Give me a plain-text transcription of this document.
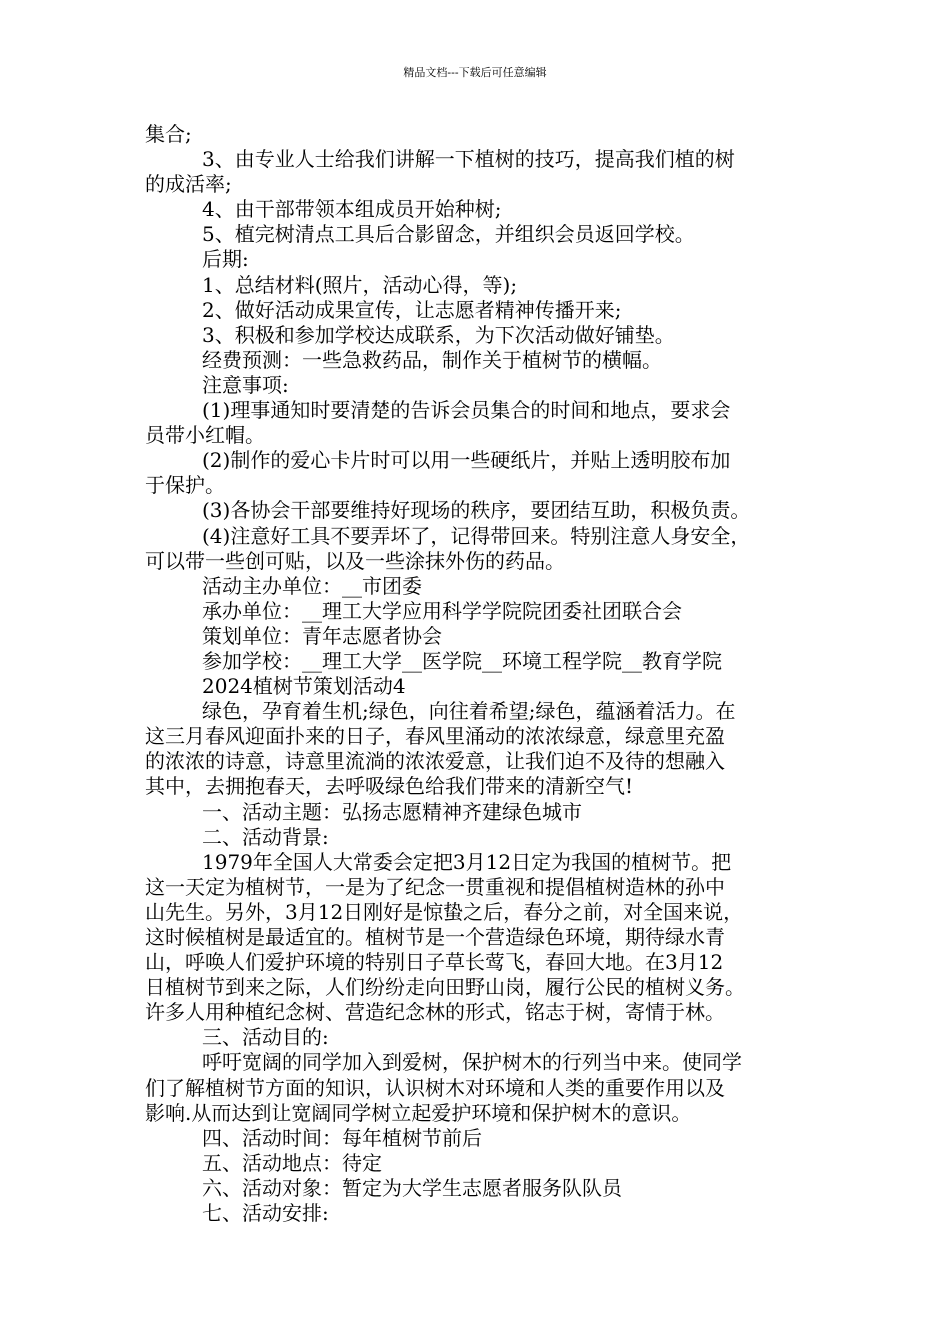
精品文档---下载后可任意编辑
集合;
3、由专业人士给我们讲解一下植树的技巧，提高我们植的树
的成活率;
4、由干部带领本组成员开始种树;
5、植完树清点工具后合影留念，并组织会员返回学校。
后期:
1、总结材料(照片，活动心得，等);
2、做好活动成果宣传，让志愿者精神传播开来;
3、积极和参加学校达成联系，为下次活动做好铺垫。
经费预测：一些急救药品，制作关于植树节的横幅。
注意事项:
(1)理事通知时要清楚的告诉会员集合的时间和地点，要求会
员带小红帽。
(2)制作的爱心卡片时可以用一些硬纸片，并贴上透明胶布加
于保护。
(3)各协会干部要维持好现场的秩序，要团结互助，积极负责。
(4)注意好工具不要弄坏了，记得带回来。特别注意人身安全，
可以带一些创可贴，以及一些涂抹外伤的药品。
活动主办单位：__市团委
承办单位：__理工大学应用科学学院院团委社团联合会
策划单位：青年志愿者协会
参加学校：__理工大学__医学院__环境工程学院__教育学院
2024植树节策划活动4
绿色，孕育着生机;绿色，向往着希望;绿色，蕴涵着活力。在
这三月春风迎面扑来的日子，春风里涌动的浓浓绿意，绿意里充盈
的浓浓的诗意，诗意里流淌的浓浓爱意，让我们迫不及待的想融入
其中，去拥抱春天，去呼吸绿色给我们带来的清新空气!
一、活动主题：弘扬志愿精神齐建绿色城市
二、活动背景:
1979年全国人大常委会定把3月12日定为我国的植树节。把
这一天定为植树节，一是为了纪念一贯重视和提倡植树造林的孙中
山先生。另外，3月12日刚好是惊蛰之后，春分之前，对全国来说，
这时候植树是最适宜的。植树节是一个营造绿色环境，期待绿水青
山，呼唤人们爱护环境的特别日子草长莺飞，春回大地。在3月12
日植树节到来之际，人们纷纷走向田野山岗，履行公民的植树义务。
许多人用种植纪念树、营造纪念林的形式，铭志于树，寄情于林。
三、活动目的:
呼吁宽阔的同学加入到爱树，保护树木的行列当中来。使同学
们了解植树节方面的知识，认识树木对环境和人类的重要作用以及
影响.从而达到让宽阔同学树立起爱护环境和保护树木的意识。
四、活动时间：每年植树节前后
五、活动地点：待定
六、活动对象：暂定为大学生志愿者服务队队员
七、活动安排:
